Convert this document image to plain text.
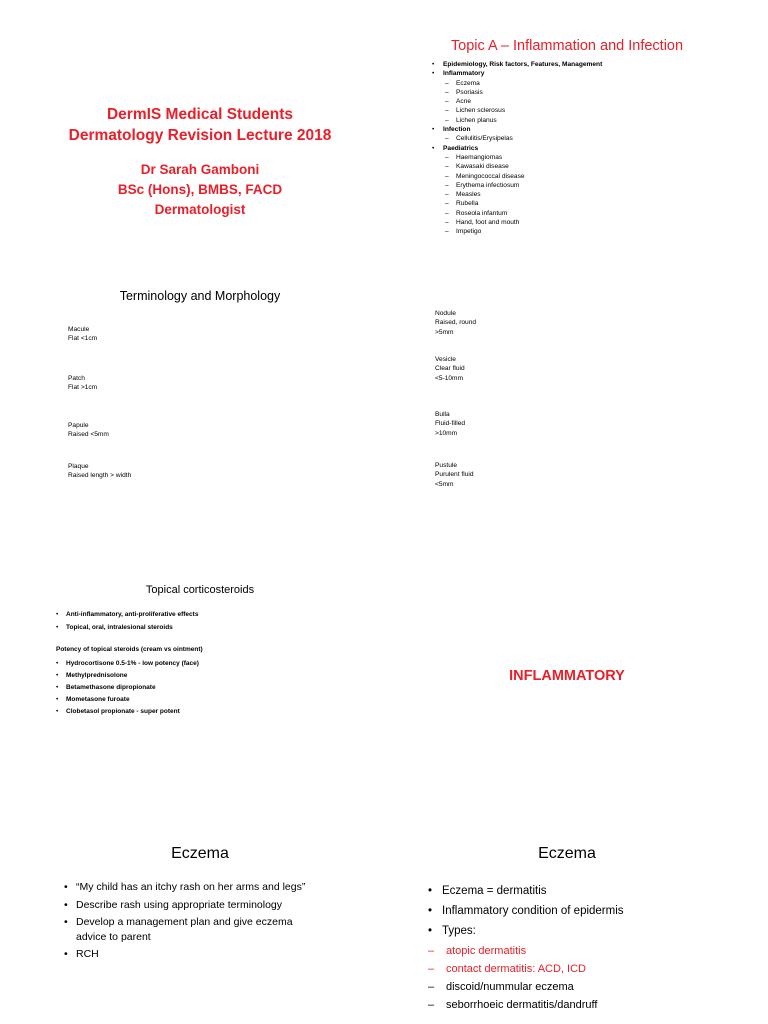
DermIS Medical Students
Dermatology Revision Lecture 2018
Dr Sarah Gamboni
BSc (Hons), BMBS, FACD
Dermatologist
Topic A – Inflammation and Infection
• Epidemiology, Risk factors, Features, Management
• Inflammatory
– Eczema
– Psoriasis
– Acne
– Lichen sclerosus
– Lichen planus
• Infection
– Cellulitis/Erysipelas
• Paediatrics
– Haemangiomas
– Kawasaki disease
– Meningococcal disease
– Erythema infectiosum
– Measles
– Rubella
– Roseola infantum
– Hand, foot and mouth
– Impetigo
Terminology and Morphology
Macule
Flat <1cm
Patch
Flat >1cm
Papule
Raised <5mm
Plaque
Raised length > width
Nodule
Raised, round
>5mm
Vesicle
Clear fluid
<5-10mm
Bulla
Fluid-filled
>10mm
Pustule
Purulent fluid
<5mm
Topical corticosteroids
• Anti-inflammatory, anti-proliferative effects
• Topical, oral, intralesional steroids
Potency of topical steroids (cream vs ointment)
• Hydrocortisone 0.5-1% - low potency (face)
• Methylprednisolone
• Betamethasone dipropionate
• Mometasone furoate
• Clobetasol propionate - super potent
INFLAMMATORY
Eczema
• “My child has an itchy rash on her arms and legs”
• Describe rash using appropriate terminology
• Develop a management plan and give eczema advice to parent
• RCH
Eczema
• Eczema = dermatitis
• Inflammatory condition of epidermis
• Types:
– atopic dermatitis
– contact dermatitis: ACD, ICD
– discoid/nummular eczema
– seborrhoeic dermatitis/dandruff
